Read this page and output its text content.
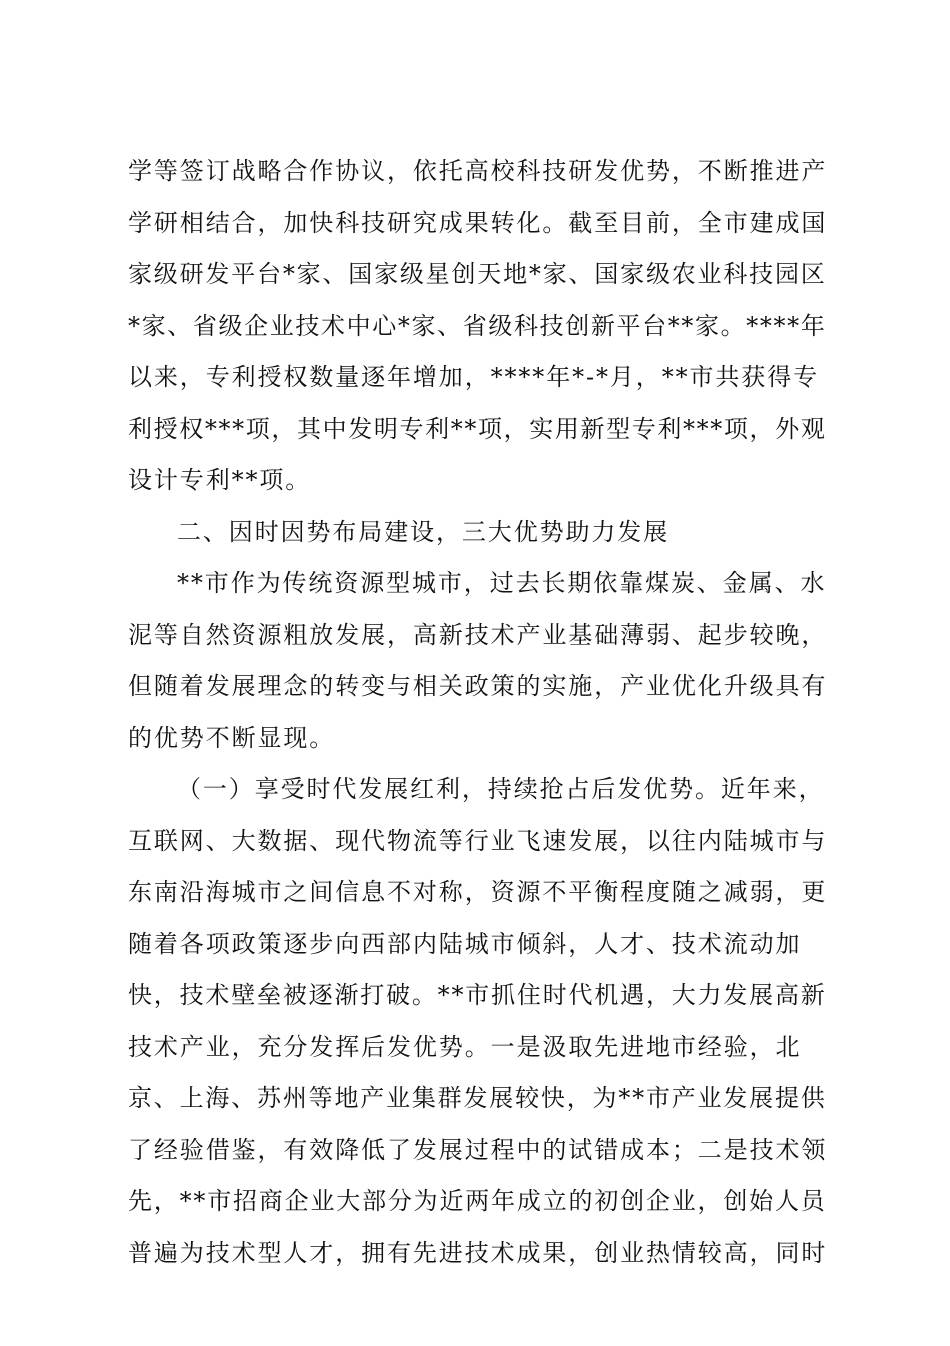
学等签订战略合作协议，依托高校科技研发优势，不断推进产
学研相结合，加快科技研究成果转化。截至目前，全市建成国
家级研发平台*家、国家级星创天地*家、国家级农业科技园区
*家、省级企业技术中心*家、省级科技创新平台**家。****年
以来，专利授权数量逐年增加，****年*-*月，**市共获得专
利授权***项，其中发明专利**项，实用新型专利***项，外观
设计专利**项。
二、因时因势布局建设，三大优势助力发展
**市作为传统资源型城市，过去长期依靠煤炭、金属、水
泥等自然资源粗放发展，高新技术产业基础薄弱、起步较晚，
但随着发展理念的转变与相关政策的实施，产业优化升级具有
的优势不断显现。
（一）享受时代发展红利，持续抢占后发优势。近年来，
互联网、大数据、现代物流等行业飞速发展，以往内陆城市与
东南沿海城市之间信息不对称，资源不平衡程度随之减弱，更
随着各项政策逐步向西部内陆城市倾斜，人才、技术流动加
快，技术壁垒被逐渐打破。**市抓住时代机遇，大力发展高新
技术产业，充分发挥后发优势。一是汲取先进地市经验，北
京、上海、苏州等地产业集群发展较快，为**市产业发展提供
了经验借鉴，有效降低了发展过程中的试错成本；二是技术领
先，**市招商企业大部分为近两年成立的初创企业，创始人员
普遍为技术型人才，拥有先进技术成果，创业热情较高，同时
